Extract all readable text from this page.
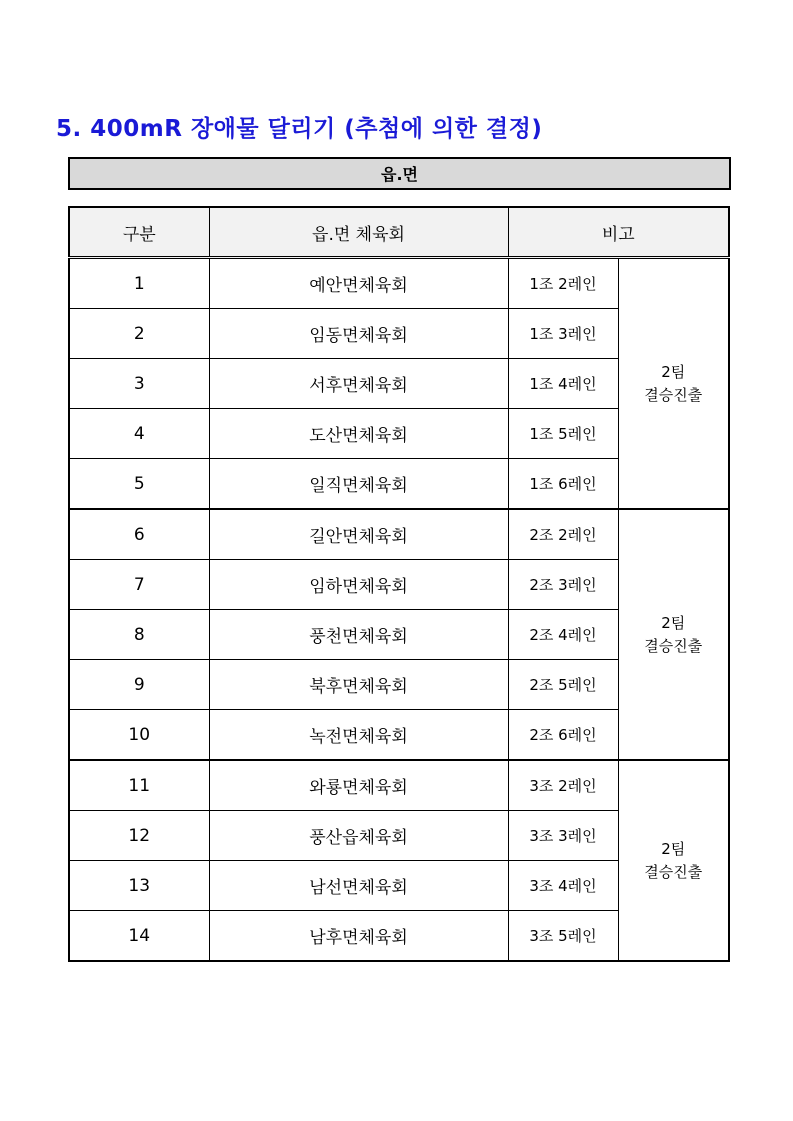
5. 400mR 장애물 달리기 (추첨에 의한 결정)
읍.면
구분	읍.면 체육회	비고	
1	예안면체육회	1조 2레인	2팀
결승진출

2	임동면체육회	1조 3레인	
3	서후면체육회	1조 4레인	
4	도산면체육회	1조 5레인	
5	일직면체육회	1조 6레인	
6	길안면체육회	2조 2레인	2팀
결승진출

7	임하면체육회	2조 3레인	
8	풍천면체육회	2조 4레인	
9	북후면체육회	2조 5레인	
10	녹전면체육회	2조 6레인	
11	와룡면체육회	3조 2레인	2팀
결승진출

12	풍산읍체육회	3조 3레인	
13	남선면체육회	3조 4레인	
14	남후면체육회	3조 5레인	
